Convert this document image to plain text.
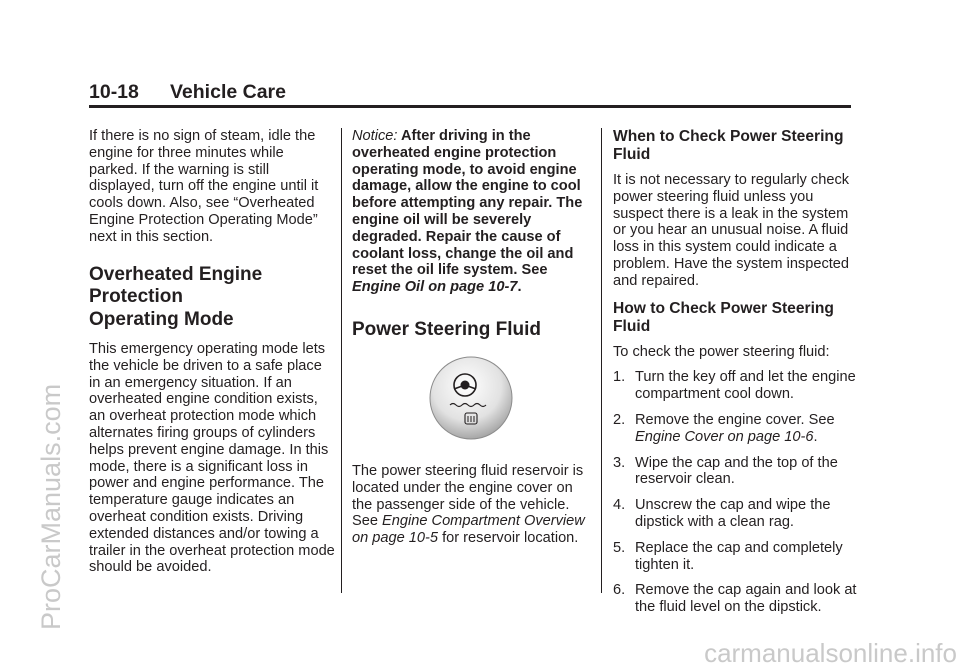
10-18 Vehicle Care

If there is no sign of steam, idle the engine for three minutes while parked. If the warning is still displayed, turn off the engine until it cools down. Also, see “Overheated Engine Protection Operating Mode” next in this section.

Overheated Engine
Protection
Operating Mode

This emergency operating mode lets the vehicle be driven to a safe place in an emergency situation. If an overheated engine condition exists, an overheat protection mode which alternates firing groups of cylinders helps prevent engine damage. In this mode, there is a significant loss in power and engine performance. The temperature gauge indicates an overheat condition exists. Driving extended distances and/or towing a trailer in the overheat protection mode should be avoided.

Notice: After driving in the overheated engine protection operating mode, to avoid engine damage, allow the engine to cool before attempting any repair. The engine oil will be severely degraded. Repair the cause of coolant loss, change the oil and reset the oil life system. See Engine Oil on page 10-7.

Power Steering Fluid

The power steering fluid reservoir is located under the engine cover on the passenger side of the vehicle. See Engine Compartment Overview on page 10-5 for reservoir location.

When to Check Power Steering Fluid

It is not necessary to regularly check power steering fluid unless you suspect there is a leak in the system or you hear an unusual noise. A fluid loss in this system could indicate a problem. Have the system inspected and repaired.

How to Check Power Steering Fluid

To check the power steering fluid:

1. Turn the key off and let the engine compartment cool down.
2. Remove the engine cover. See Engine Cover on page 10-6.
3. Wipe the cap and the top of the reservoir clean.
4. Unscrew the cap and wipe the dipstick with a clean rag.
5. Replace the cap and completely tighten it.
6. Remove the cap again and look at the fluid level on the dipstick.
ProCarManuals.com
carmanualsonline.info
